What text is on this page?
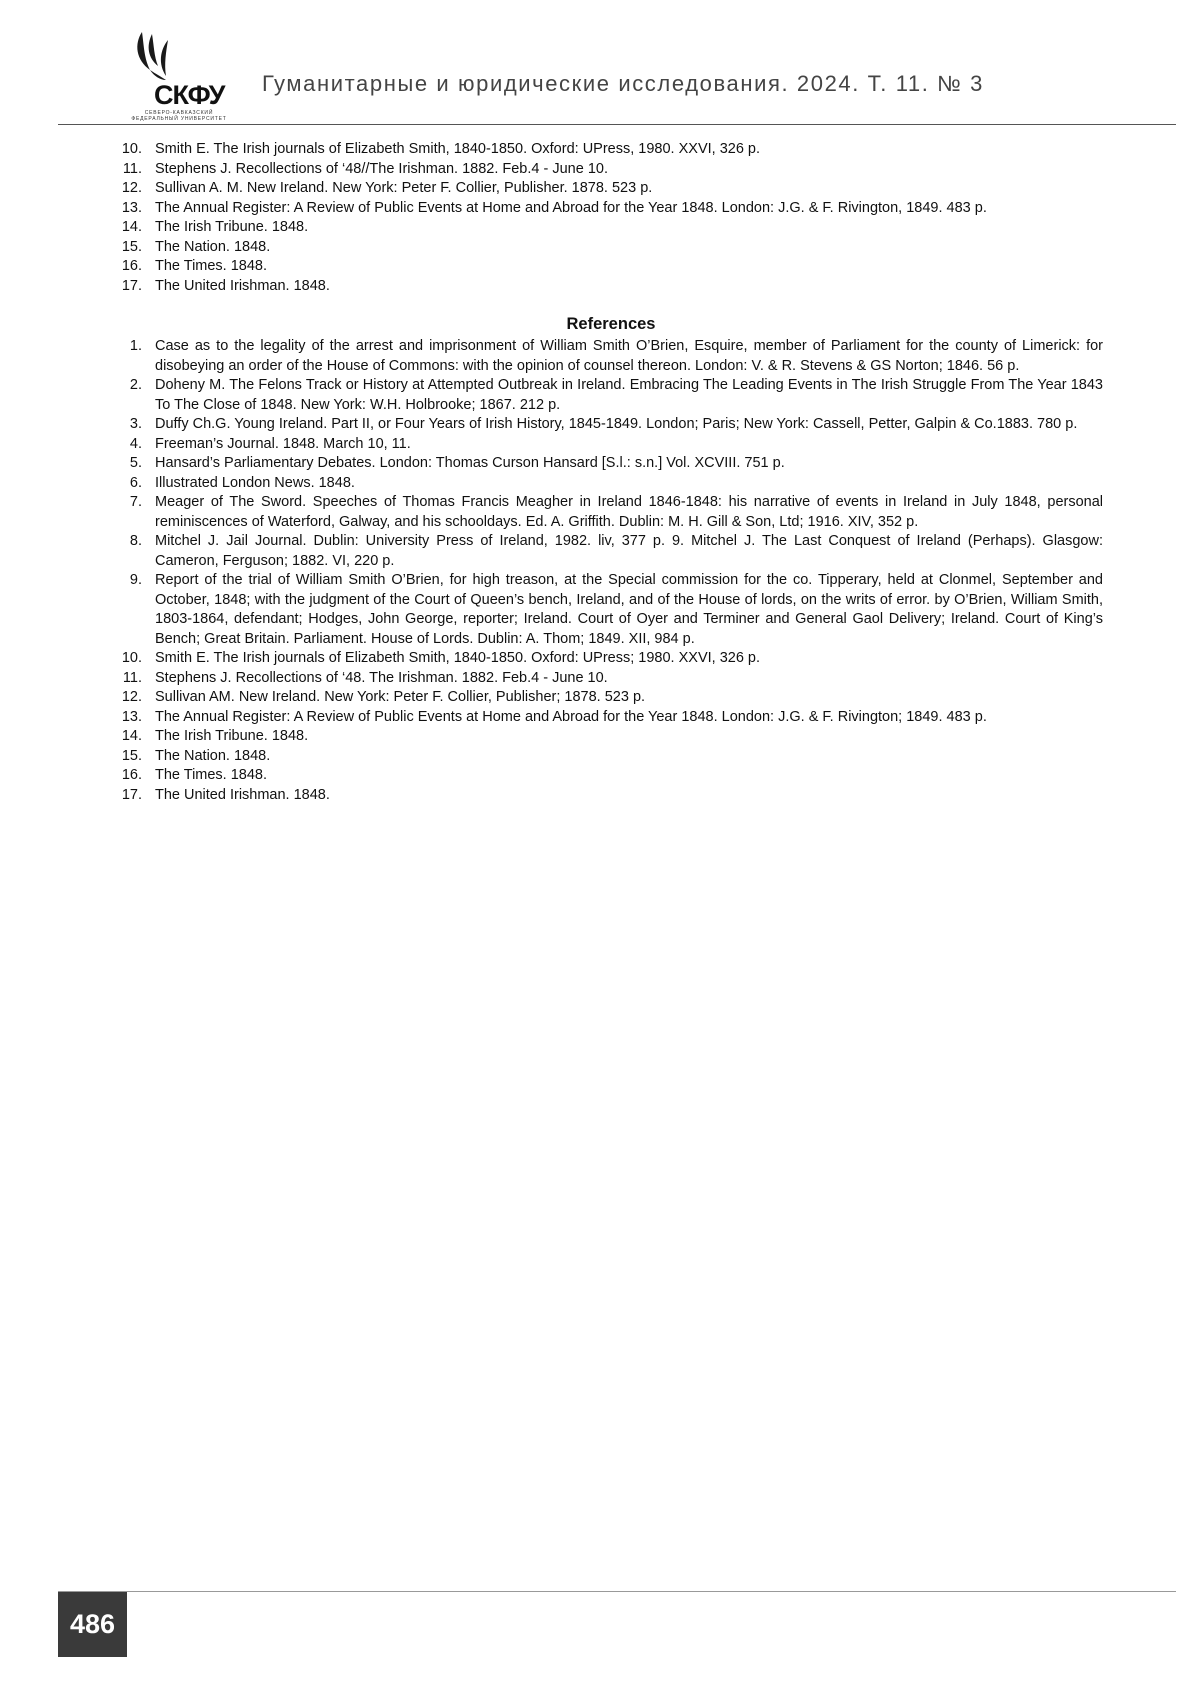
СКФУ
СЕВЕРО-КАВКАЗСКИЙ ФЕДЕРАЛЬНЫЙ УНИВЕРСИТЕТ
Гуманитарные и юридические исследования. 2024. Т. 11. № 3
10. Smith E. The Irish journals of Elizabeth Smith, 1840-1850. Oxford: UPress, 1980. XXVI, 326 p.
11. Stephens J. Recollections of ‘48//The Irishman. 1882. Feb.4 - June 10.
12. Sullivan A. M. New Ireland. New York: Peter F. Collier, Publisher. 1878. 523 p.
13. The Annual Register: A Review of Public Events at Home and Abroad for the Year 1848. London: J.G. & F. Rivington, 1849. 483 p.
14. The Irish Tribune. 1848.
15. The Nation. 1848.
16. The Times. 1848.
17. The United Irishman. 1848.
References
1. Case as to the legality of the arrest and imprisonment of William Smith O’Brien, Esquire, member of Parliament for the county of Limerick: for disobeying an order of the House of Commons: with the opinion of counsel thereon. London: V. & R. Stevens & GS Norton; 1846. 56 p.
2. Doheny M. The Felons Track or History at Attempted Outbreak in Ireland. Embracing The Leading Events in The Irish Struggle From The Year 1843 To The Close of 1848. New York: W.H. Holbrooke; 1867. 212 p.
3. Duffy Ch.G. Young Ireland. Part II, or Four Years of Irish History, 1845-1849. London; Paris; New York: Cassell, Petter, Galpin & Co.1883. 780 p.
4. Freeman’s Journal. 1848. March 10, 11.
5. Hansard’s Parliamentary Debates. London: Thomas Curson Hansard [S.l.: s.n.] Vol. XCVIII. 751 p.
6. Illustrated London News. 1848.
7. Meager of The Sword. Speeches of Thomas Francis Meagher in Ireland 1846-1848: his narrative of events in Ireland in July 1848, personal reminiscences of Waterford, Galway, and his schooldays. Ed. A. Griffith. Dublin: M. H. Gill & Son, Ltd; 1916. XIV, 352 p.
8. Mitchel J. Jail Journal. Dublin: University Press of Ireland, 1982. liv, 377 p. 9. Mitchel J. The Last Conquest of Ireland (Perhaps). Glasgow: Cameron, Ferguson; 1882. VI, 220 p.
9. Report of the trial of William Smith O’Brien, for high treason, at the Special commission for the co. Tipperary, held at Clonmel, September and October, 1848; with the judgment of the Court of Queen’s bench, Ireland, and of the House of lords, on the writs of error. by O’Brien, William Smith, 1803-1864, defendant; Hodges, John George, reporter; Ireland. Court of Oyer and Terminer and General Gaol Delivery; Ireland. Court of King’s Bench; Great Britain. Parliament. House of Lords. Dublin: A. Thom; 1849. XII, 984 p.
10. Smith E. The Irish journals of Elizabeth Smith, 1840-1850. Oxford: UPress; 1980. XXVI, 326 p.
11. Stephens J. Recollections of ‘48. The Irishman. 1882. Feb.4 - June 10.
12. Sullivan AM. New Ireland. New York: Peter F. Collier, Publisher; 1878. 523 p.
13. The Annual Register: A Review of Public Events at Home and Abroad for the Year 1848. London: J.G. & F. Rivington; 1849. 483 p.
14. The Irish Tribune. 1848.
15. The Nation. 1848.
16. The Times. 1848.
17. The United Irishman. 1848.
486
